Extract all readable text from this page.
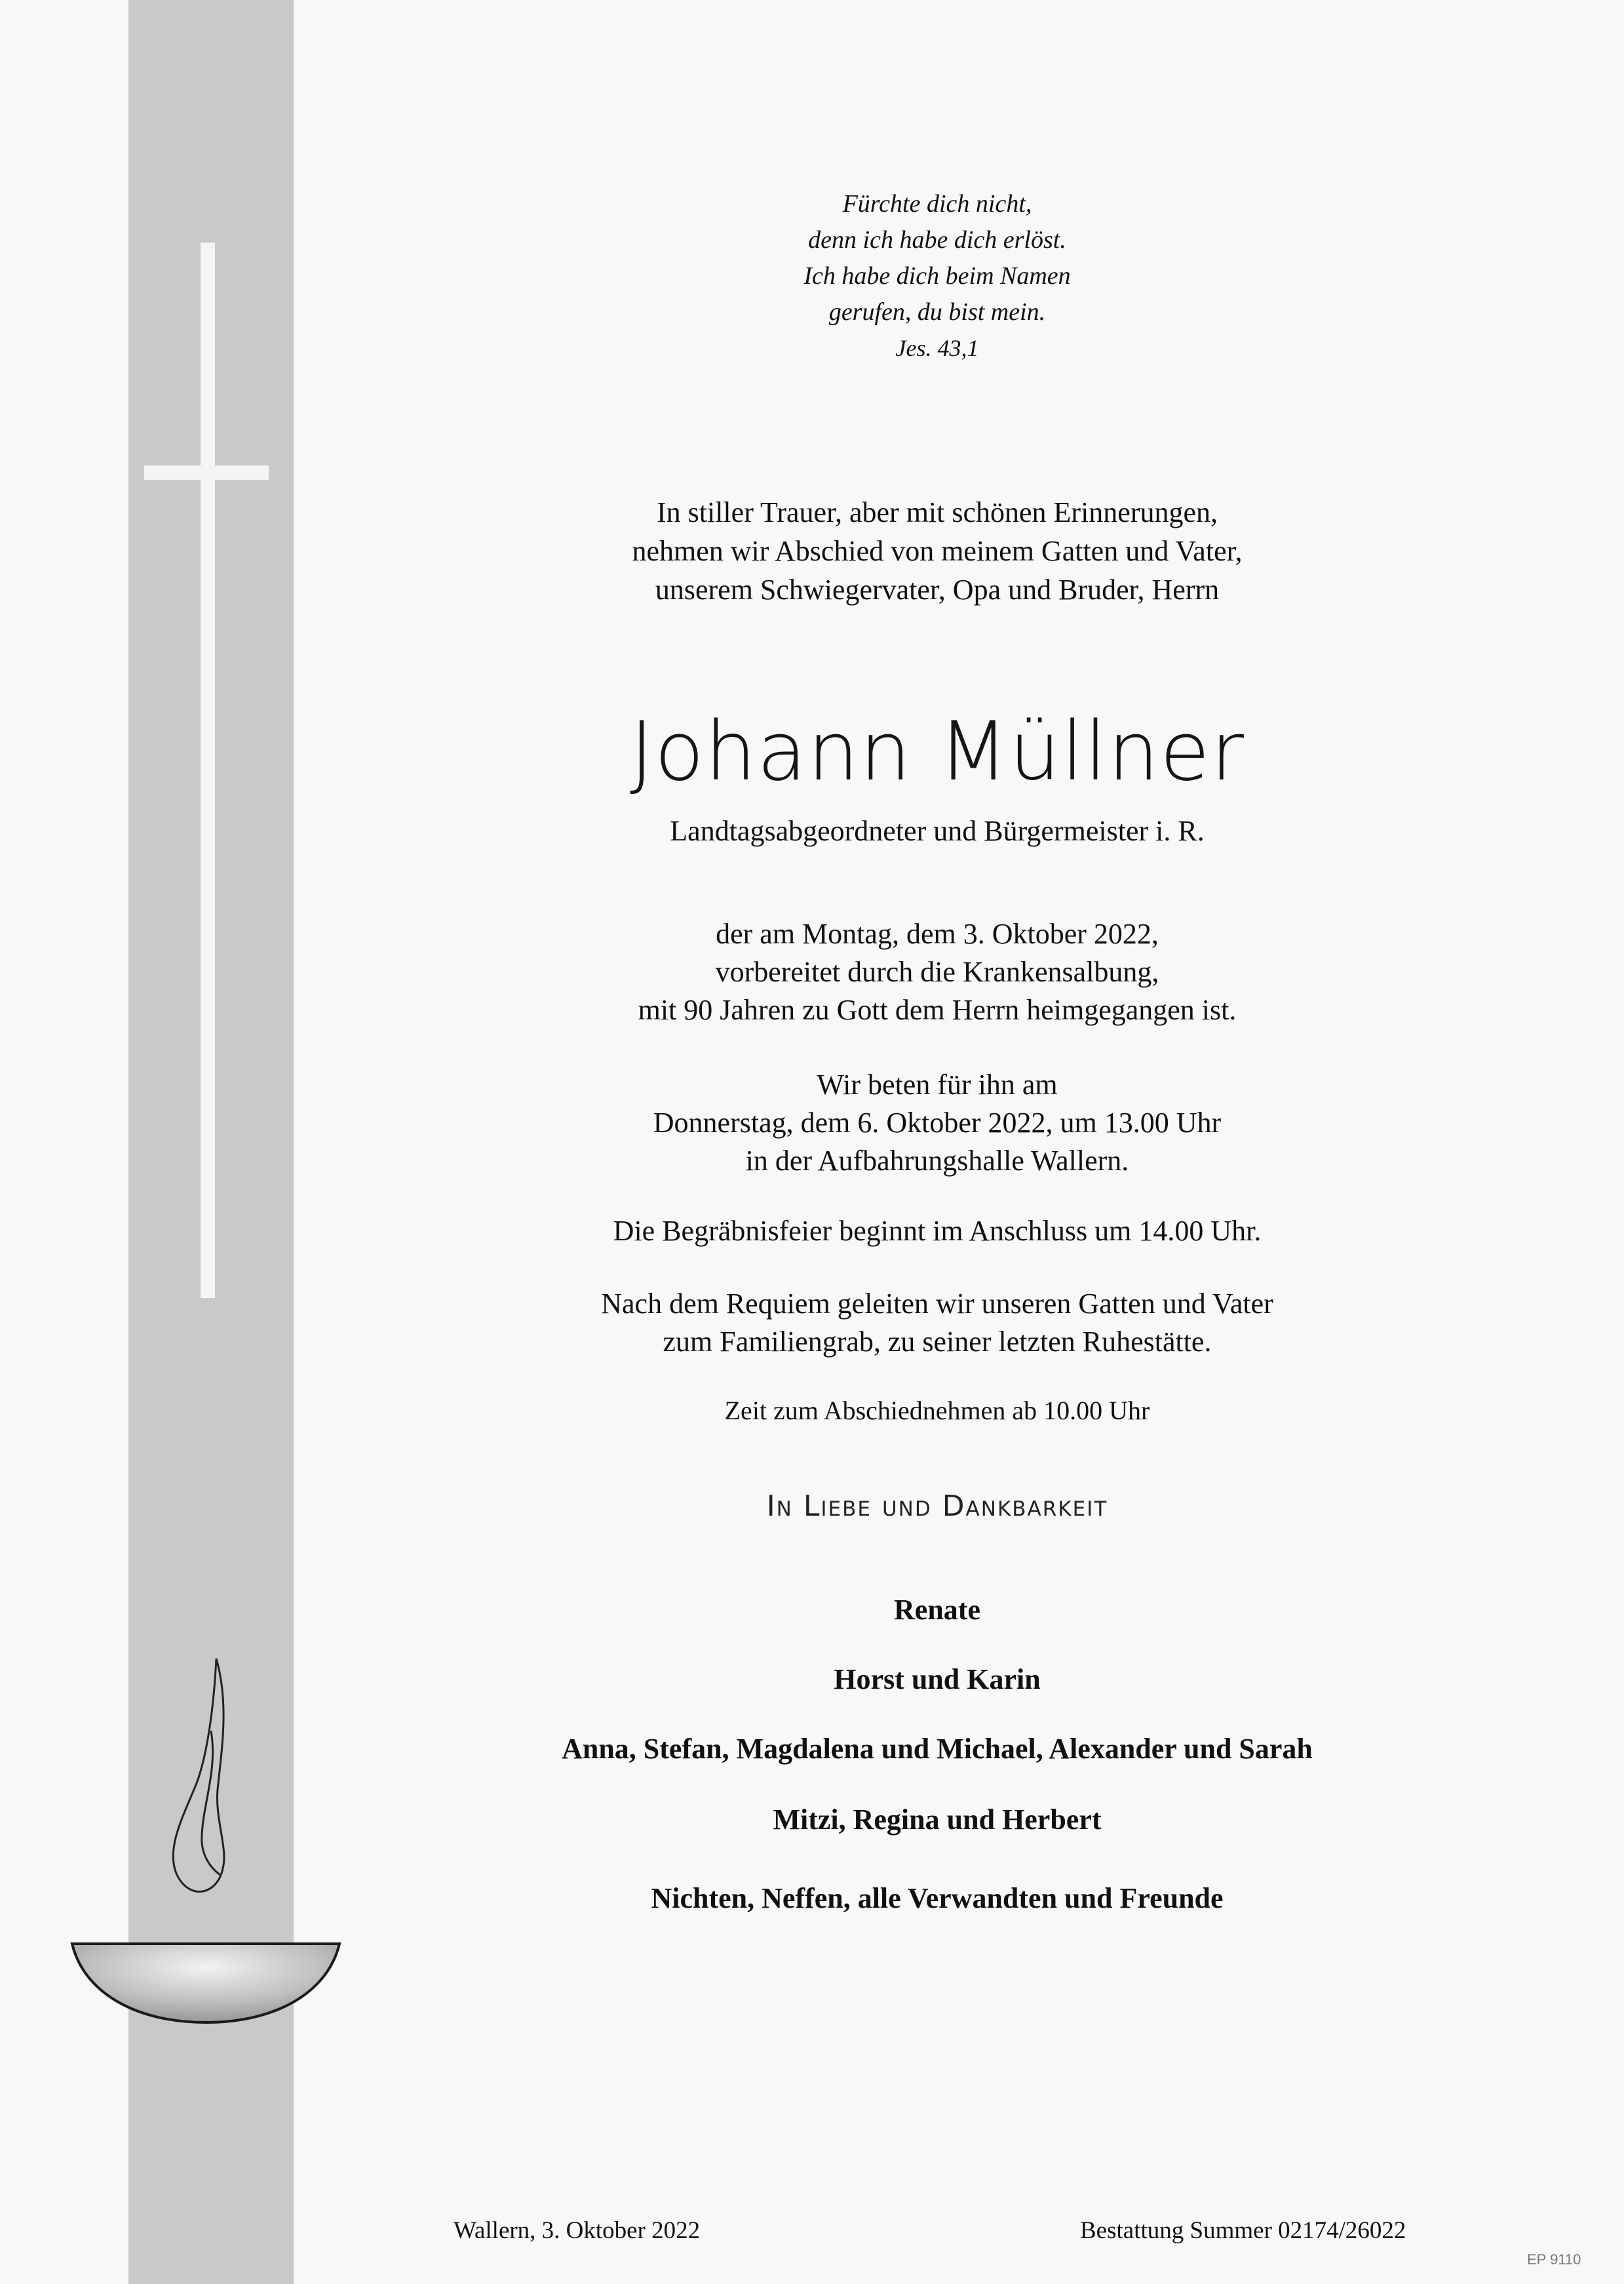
Fürchte dich nicht,
denn ich habe dich erlöst.
Ich habe dich beim Namen
gerufen, du bist mein.
Jes. 43,1
In stiller Trauer, aber mit schönen Erinnerungen,
nehmen wir Abschied von meinem Gatten und Vater,
unserem Schwiegervater, Opa und Bruder, Herrn
Johann Müllner
Landtagsabgeordneter und Bürgermeister i. R.
der am Montag, dem 3. Oktober 2022,
vorbereitet durch die Krankensalbung,
mit 90 Jahren zu Gott dem Herrn heimgegangen ist.
Wir beten für ihn am
Donnerstag, dem 6. Oktober 2022, um 13.00 Uhr
in der Aufbahrungshalle Wallern.
Die Begräbnisfeier beginnt im Anschluss um 14.00 Uhr.
Nach dem Requiem geleiten wir unseren Gatten und Vater
zum Familiengrab, zu seiner letzten Ruhestätte.
Zeit zum Abschiednehmen ab 10.00 Uhr
In Liebe und Dankbarkeit
Renate
Horst und Karin
Anna, Stefan, Magdalena und Michael, Alexander und Sarah
Mitzi, Regina und Herbert
Nichten, Neffen, alle Verwandten und Freunde
Wallern, 3. Oktober 2022	Bestattung Summer 02174/26022
EP 9110
